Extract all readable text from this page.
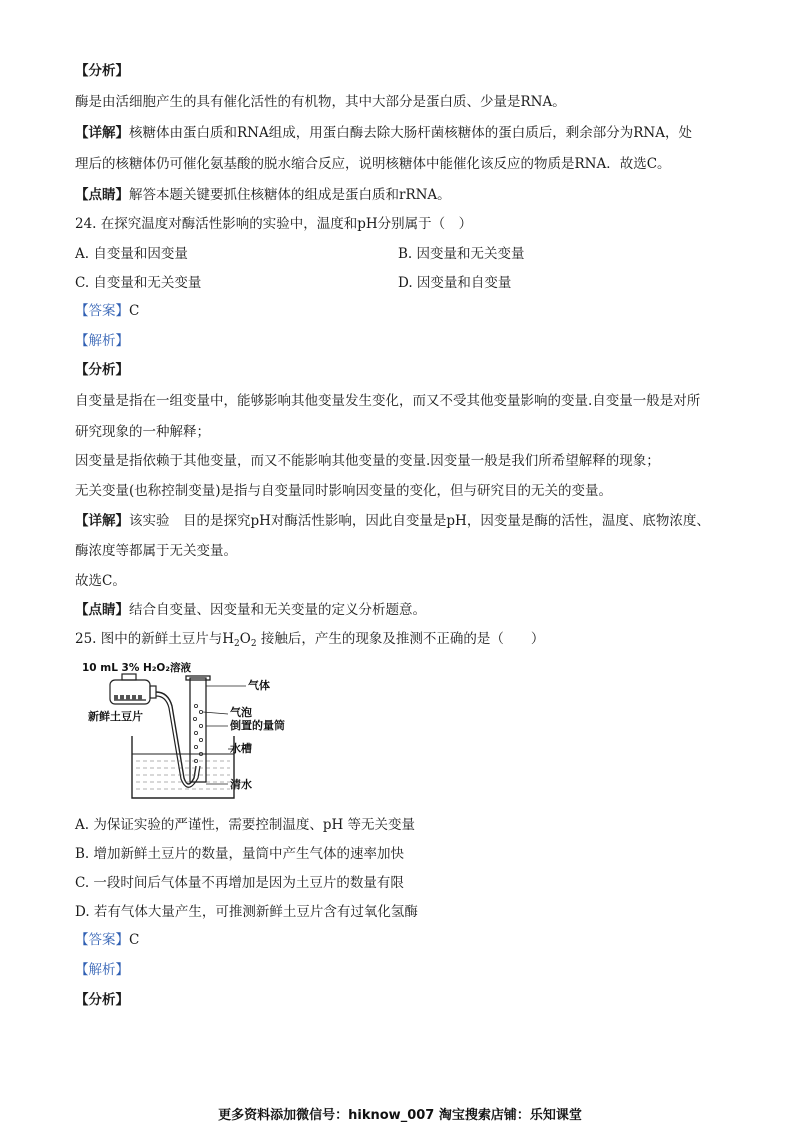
【分析】
酶是由活细胞产生的具有催化活性的有机物，其中大部分是蛋白质、少量是RNA。
【详解】核糖体由蛋白质和RNA组成，用蛋白酶去除大肠杆菌核糖体的蛋白质后，剩余部分为RNA，处
理后的核糖体仍可催化氨基酸的脱水缩合反应，说明核糖体中能催化该反应的物质是RNA．故选C。
【点睛】解答本题关键要抓住核糖体的组成是蛋白质和rRNA。
24. 在探究温度对酶活性影响的实验中，温度和pH分别属于（　）
A. 自变量和因变量	B. 因变量和无关变量
C. 自变量和无关变量	D. 因变量和自变量
【答案】C
【解析】
【分析】
自变量是指在一组变量中，能够影响其他变量发生变化，而又不受其他变量影响的变量.自变量一般是对所
研究现象的一种解释；
因变量是指依赖于其他变量，而又不能影响其他变量的变量.因变量一般是我们所希望解释的现象；
无关变量(也称控制变量)是指与自变量同时影响因变量的变化，但与研究目的无关的变量。
【详解】该实验　目的是探究pH对酶活性影响，因此自变量是pH，因变量是酶的活性，温度、底物浓度、
酶浓度等都属于无关变量。
故选C。
【点睛】结合自变量、因变量和无关变量的定义分析题意。
25. 图中的新鲜土豆片与$H_2O_2$ 接触后，产生的现象及推测不正确的是（　　）
10 mL 3% H₂O₂溶液
新鲜土豆片
气体
气泡
倒置的量筒
水槽
清水
A. 为保证实验的严谨性，需要控制温度、pH 等无关变量
B. 增加新鲜土豆片的数量，量筒中产生气体的速率加快
C. 一段时间后气体量不再增加是因为土豆片的数量有限
D. 若有气体大量产生，可推测新鲜土豆片含有过氧化氢酶
【答案】C
【解析】
【分析】
更多资料添加微信号：hiknow_007 淘宝搜索店铺：乐知课堂
